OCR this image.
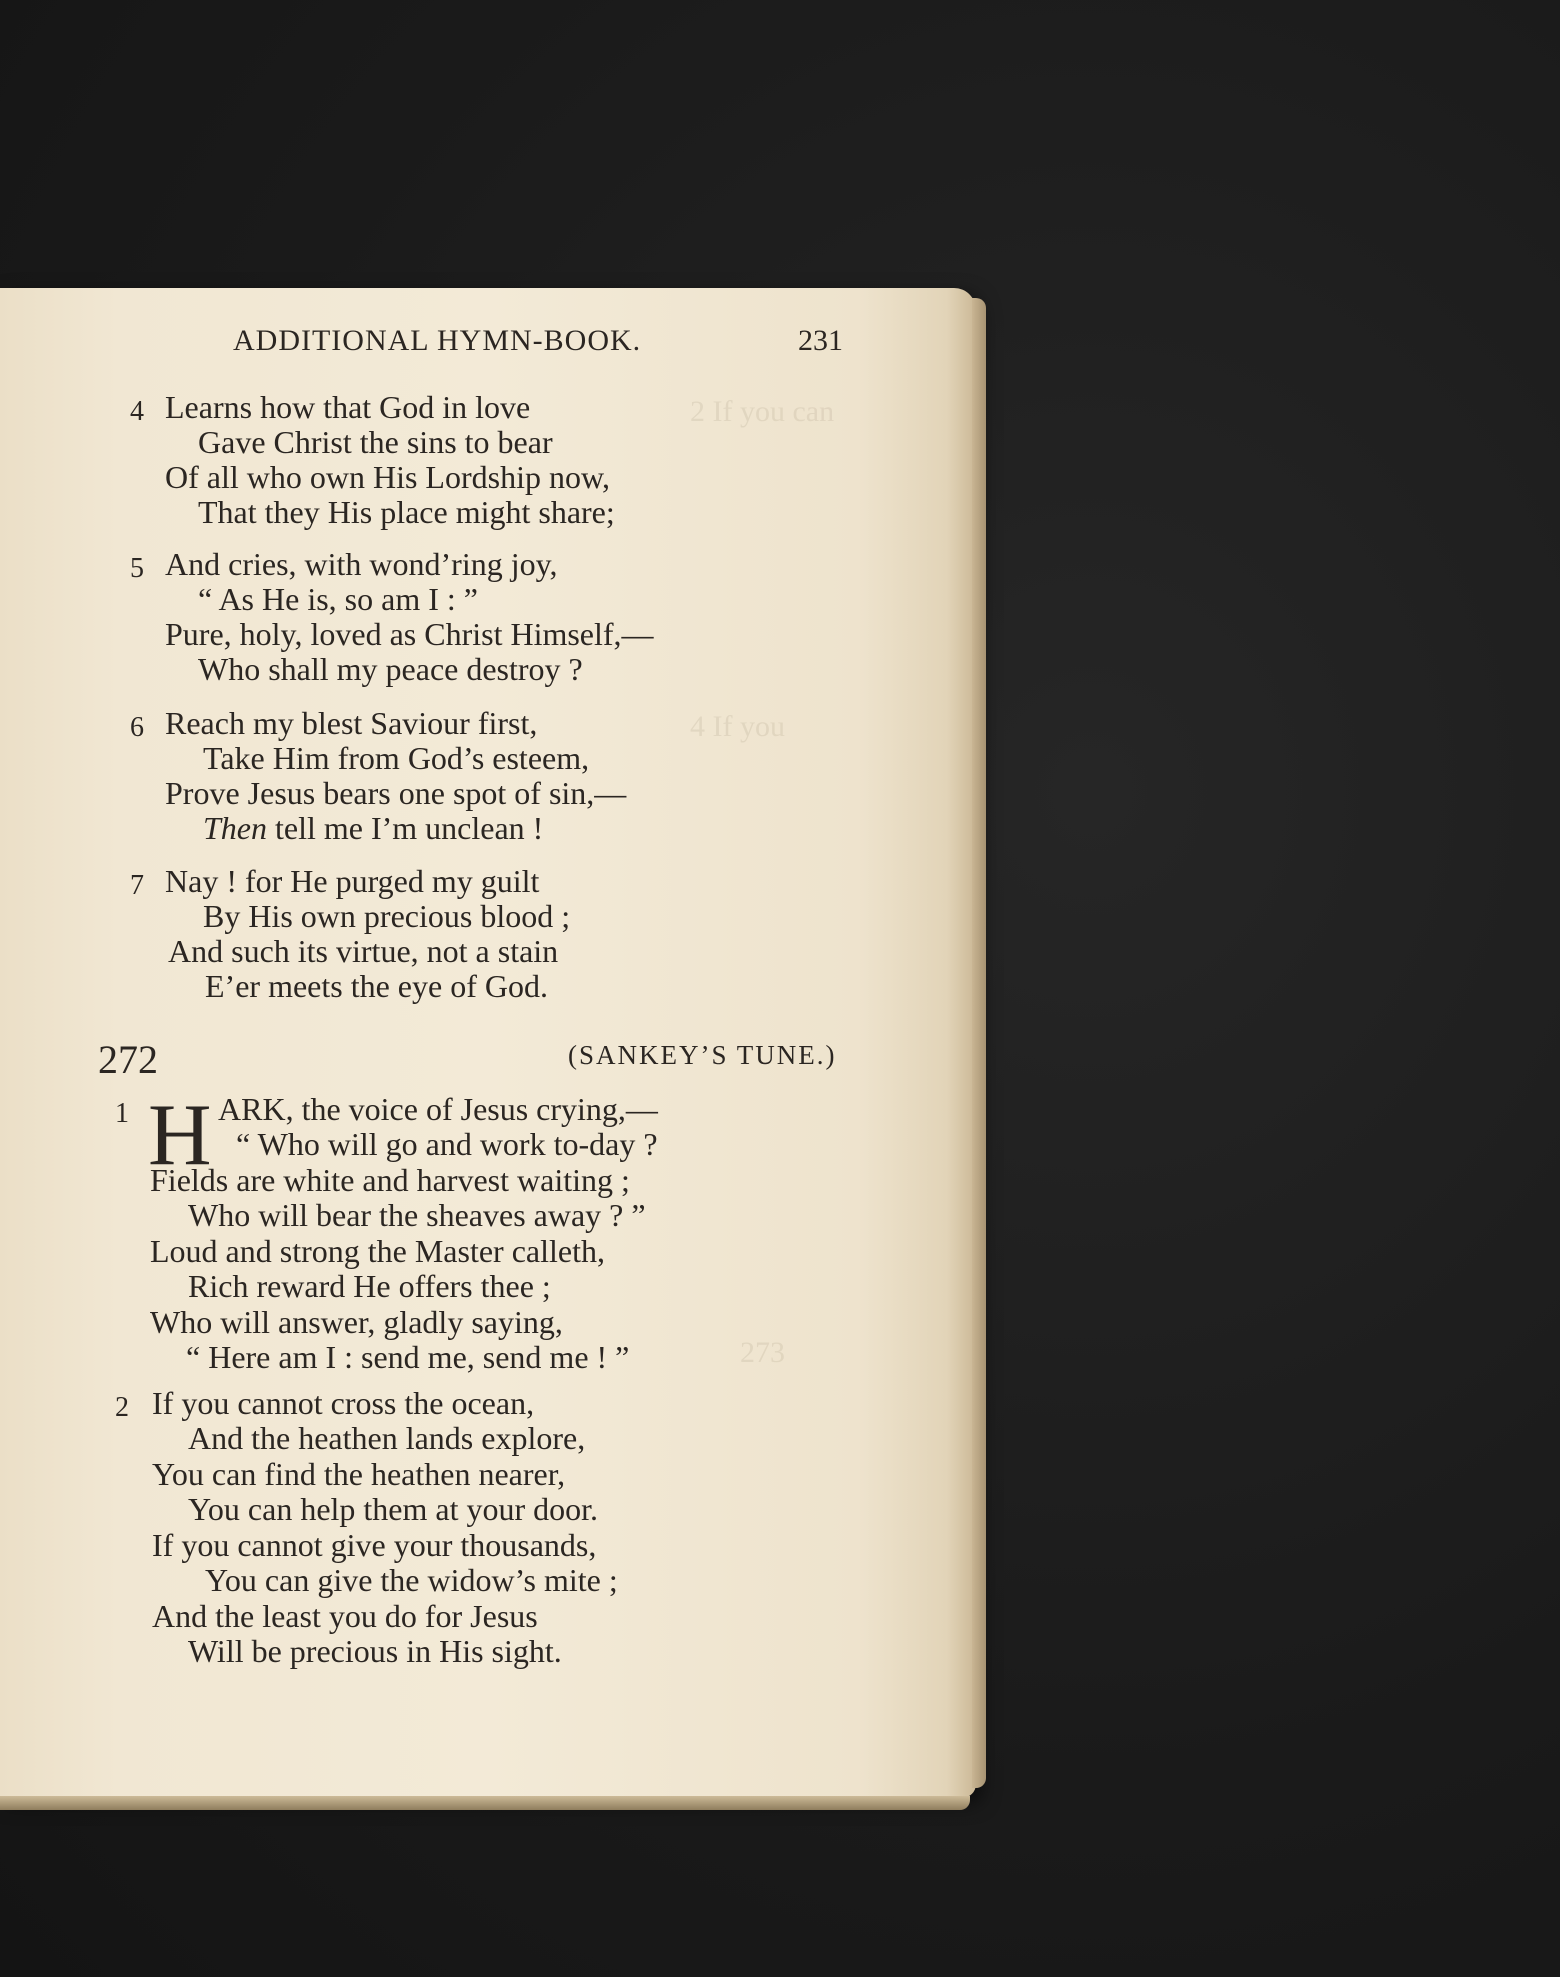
2 If you can
4 If you
273
ADDITIONAL HYMN-BOOK.	231
4 Learns how that God in love
Gave Christ the sins to bear
Of all who own His Lordship now,
That they His place might share;
5 And cries, with wond’ring joy,
“ As He is, so am I : ”
Pure, holy, loved as Christ Himself,—
Who shall my peace destroy ?
6 Reach my blest Saviour first,
Take Him from God’s esteem,
Prove Jesus bears one spot of sin,—
Then tell me I’m unclean !
7 Nay ! for He purged my guilt
By His own precious blood ;
And such its virtue, not a stain
E’er meets the eye of God.
272	(SANKEY’S TUNE.)
1 H ARK, the voice of Jesus crying,—
“ Who will go and work to-day ?
Fields are white and harvest waiting ;
Who will bear the sheaves away ? ”
Loud and strong the Master calleth,
Rich reward He offers thee ;
Who will answer, gladly saying,
“ Here am I : send me, send me ! ”
2 If you cannot cross the ocean,
And the heathen lands explore,
You can find the heathen nearer,
You can help them at your door.
If you cannot give your thousands,
You can give the widow’s mite ;
And the least you do for Jesus
Will be precious in His sight.
